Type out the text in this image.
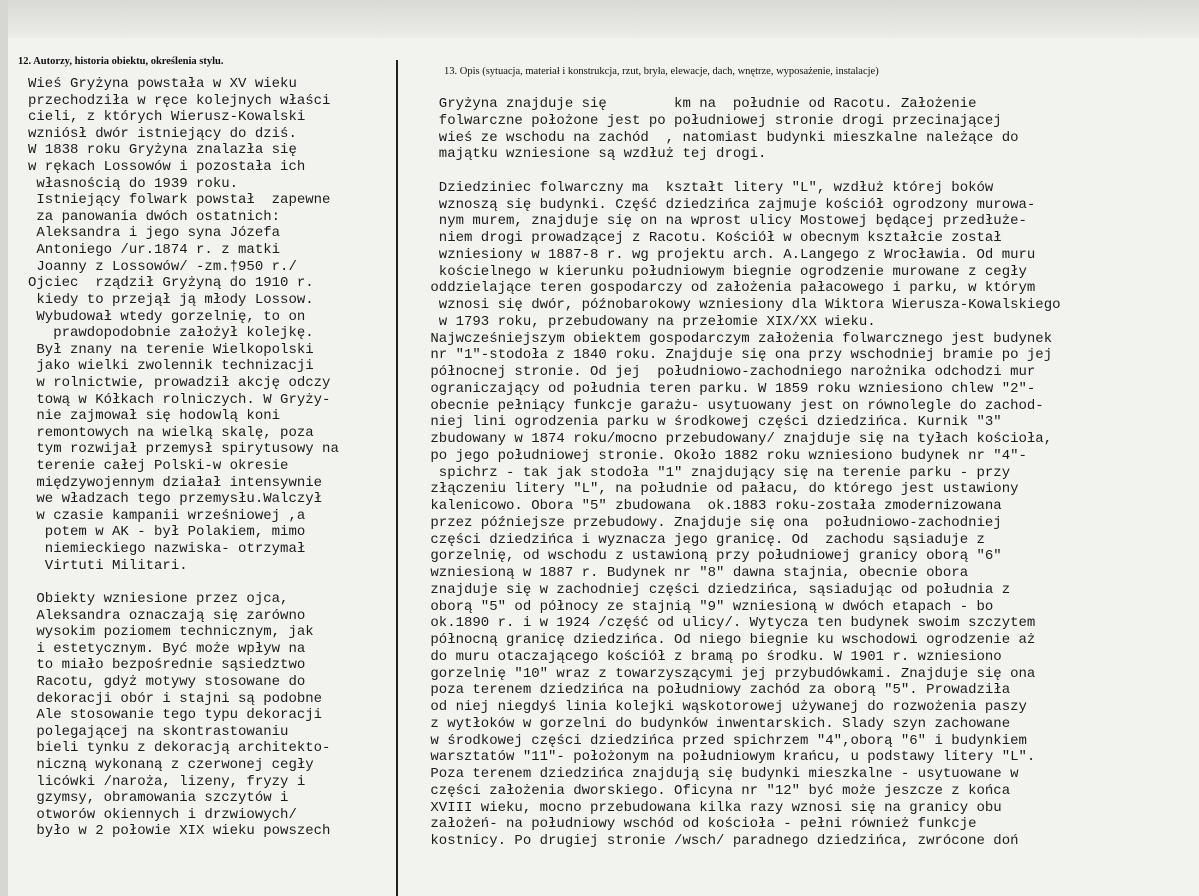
12. Autorzy, historia obiektu, określenia stylu.
13. Opis (sytuacja, materiał i konstrukcja, rzut, bryła, elewacje, dach, wnętrze, wyposażenie, instalacje)
Wieś Gryżyna powstała w XV wieku
przechodziła w ręce kolejnych właści
cieli, z których Wierusz-Kowalski
wzniósł dwór istniejący do dziś.
W 1838 roku Gryżyna znalazła się
w rękach Lossowów i pozostała ich
własnością do 1939 roku.
Istniejący folwark powstał  zapewne
za panowania dwóch ostatnich:
Aleksandra i jego syna Józefa
Antoniego /ur.1874 r. z matki
Joanny z Lossowów/ -zm.†950 r./
Ojciec  rządził Gryżyną do 1910 r.
kiedy to przejął ją młody Lossow.
Wybudował wtedy gorzelnię, to on
prawdopodobnie założył kolejkę.
Był znany na terenie Wielkopolski
jako wielki zwolennik technizacji
w rolnictwie, prowadził akcję odczy
tową w Kółkach rolniczych. W Gryży-
nie zajmował się hodowlą koni
remontowych na wielką skalę, poza
tym rozwijał przemysł spirytusowy na
terenie całej Polski-w okresie
międzywojennym działał intensywnie
we władzach tego przemysłu.Walczył
w czasie kampanii wrześniowej ,a
potem w AK - był Polakiem, mimo
niemieckiego nazwiska- otrzymał
Virtuti Militari.
Obiekty wzniesione przez ojca,
Aleksandra oznaczają się zarówno
wysokim poziomem technicznym, jak
i estetycznym. Być może wpływ na
to miało bezpośrednie sąsiedztwo
Racotu, gdyż motywy stosowane do
dekoracji obór i stajni są podobne
Ale stosowanie tego typu dekoracji
polegającej na skontrastowaniu
bieli tynku z dekoracją architekto-
niczną wykonaną z czerwonej cegły
licówki /naroża, lizeny, fryzy i
gzymsy, obramowania szczytów i
otworów okiennych i drzwiowych/
było w 2 połowie XIX wieku powszech
Gryżyna znajduje się        km na  południe od Racotu. Założenie
folwarczne położone jest po południowej stronie drogi przecinającej
wieś ze wschodu na zachód  , natomiast budynki mieszkalne należące do
majątku wzniesione są wzdłuż tej drogi.
Dziedziniec folwarczny ma  kształt litery "L", wzdłuż której boków
wznoszą się budynki. Część dziedzińca zajmuje kościół ogrodzony murowa-
nym murem, znajduje się on na wprost ulicy Mostowej będącej przedłuże-
niem drogi prowadzącej z Racotu. Kościół w obecnym kształcie został
wzniesiony w 1887-8 r. wg projektu arch. A.Langego z Wrocławia. Od muru
kościelnego w kierunku południowym biegnie ogrodzenie murowane z cegły
oddzielające teren gospodarczy od założenia pałacowego i parku, w którym
wznosi się dwór, późnobarokowy wzniesiony dla Wiktora Wierusza-Kowalskiego
w 1793 roku, przebudowany na przełomie XIX/XX wieku.
Najwcześniejszym obiektem gospodarczym założenia folwarcznego jest budynek
nr "1"-stodoła z 1840 roku. Znajduje się ona przy wschodniej bramie po jej
północnej stronie. Od jej  południowo-zachodniego narożnika odchodzi mur
ograniczający od południa teren parku. W 1859 roku wzniesiono chlew "2"-
obecnie pełniący funkcje garażu- usytuowany jest on równolegle do zachod-
niej lini ogrodzenia parku w środkowej części dziedzińca. Kurnik "3"
zbudowany w 1874 roku/mocno przebudowany/ znajduje się na tyłach kościoła,
po jego południowej stronie. Około 1882 roku wzniesiono budynek nr "4"-
spichrz - tak jak stodoła "1" znajdujący się na terenie parku - przy
złączeniu litery "L", na południe od pałacu, do którego jest ustawiony
kalenicowo. Obora "5" zbudowana  ok.1883 roku-została zmodernizowana
przez późniejsze przebudowy. Znajduje się ona  południowo-zachodniej
części dziedzińca i wyznacza jego granicę. Od  zachodu sąsiaduje z
gorzelnię, od wschodu z ustawioną przy południowej granicy oborą "6"
wzniesioną w 1887 r. Budynek nr "8" dawna stajnia, obecnie obora
znajduje się w zachodniej części dziedzińca, sąsiadując od południa z
oborą "5" od północy ze stajnią "9" wzniesioną w dwóch etapach - bo
ok.1890 r. i w 1924 /część od ulicy/. Wytycza ten budynek swoim szczytem
północną granicę dziedzińca. Od niego biegnie ku wschodowi ogrodzenie aż
do muru otaczającego kościół z bramą po środku. W 1901 r. wzniesiono
gorzelnię "10" wraz z towarzyszącymi jej przybudówkami. Znajduje się ona
poza terenem dziedzińca na południowy zachód za oborą "5". Prowadziła
od niej niegdyś linia kolejki wąskotorowej używanej do rozwożenia paszy
z wytłoków w gorzelni do budynków inwentarskich. Slady szyn zachowane
w środkowej części dziedzińca przed spichrzem "4",oborą "6" i budynkiem
warsztatów "11"- położonym na południowym krańcu, u podstawy litery "L".
Poza terenem dziedzińca znajdują się budynki mieszkalne - usytuowane w
części założenia dworskiego. Oficyna nr "12" być może jeszcze z końca
XVIII wieku, mocno przebudowana kilka razy wznosi się na granicy obu
założeń- na południowy wschód od kościoła - pełni również funkcje
kostnicy. Po drugiej stronie /wsch/ paradnego dziedzińca, zwrócone doń
